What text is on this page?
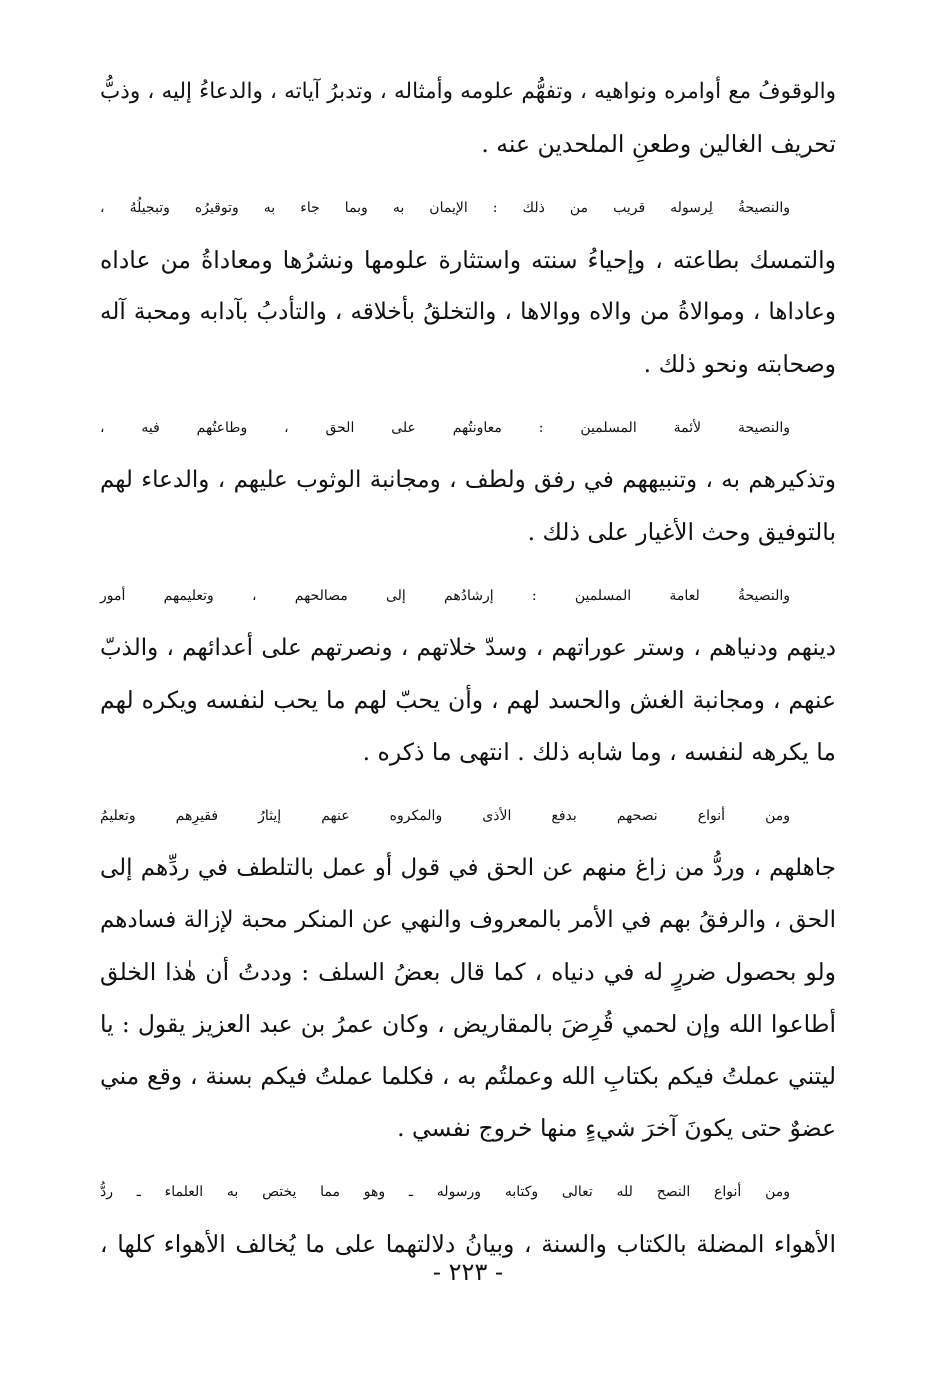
والوقوفُ مع أوامره ونواهيه ، وتفهُّم علومه وأمثاله ، وتدبرُ آياته ، والدعاءُ إليه ، وذبُّ
تحريف الغالين وطعنِ الملحدين عنه .

والنصيحةُ لِرسوله قريب من ذلك : الإيمان به وبما جاء به وتوقيرُه وتبجيلُهُ ،
والتمسك بطاعته ، وإحياءُ سنته واستثارة علومها ونشرُها ومعاداةُ من عاداه
وعاداها ، وموالاةُ من والاه ووالاها ، والتخلقُ بأخلاقه ، والتأدبُ بآدابه ومحبة آله
وصحابته ونحو ذلك .

والنصيحة لأئمة المسلمين : معاونتُهم على الحق ، وطاعتُهم فيه ،
وتذكيرهم به ، وتنبيههم في رفق ولطف ، ومجانبة الوثوب عليهم ، والدعاء لهم
بالتوفيق وحث الأغيار على ذلك .

والنصيحةُ لعامة المسلمين : إرشادُهم إلى مصالحهم ، وتعليمهم أمور
دينهم ودنياهم ، وستر عوراتهم ، وسدّ خلاتهم ، ونصرتهم على أعدائهم ، والذبّ
عنهم ، ومجانبة الغش والحسد لهم ، وأن يحبّ لهم ما يحب لنفسه ويكره لهم
ما يكرهه لنفسه ، وما شابه ذلك . انتهى ما ذكره .

ومن أنواع نصحهم بدفع الأذى والمكروه عنهم إيثارُ فقيرِهم وتعليمُ
جاهلهم ، وردُّ من زاغ منهم عن الحق في قول أو عمل بالتلطف في ردِّهم إلى
الحق ، والرفقُ بهم في الأمر بالمعروف والنهي عن المنكر محبة لإزالة فسادهم
ولو بحصول ضررٍ له في دنياه ، كما قال بعضُ السلف : وددتُ أن هٰذا الخلق
أطاعوا الله وإن لحمي قُرِضَ بالمقاريض ، وكان عمرُ بن عبد العزيز يقول : يا
ليتني عملتُ فيكم بكتابِ الله وعملتُم به ، فكلما عملتُ فيكم بسنة ، وقع مني
عضوٌ حتى يكونَ آخرَ شيءٍ منها خروج نفسي .

ومن أنواع النصح لله تعالى وكتابه ورسوله ـ وهو مما يختص به العلماء ـ ردُّ
الأهواء المضلة بالكتاب والسنة ، وبيانُ دلالتهما على ما يُخالف الأهواء كلها ،

- ٢٢٣ -
